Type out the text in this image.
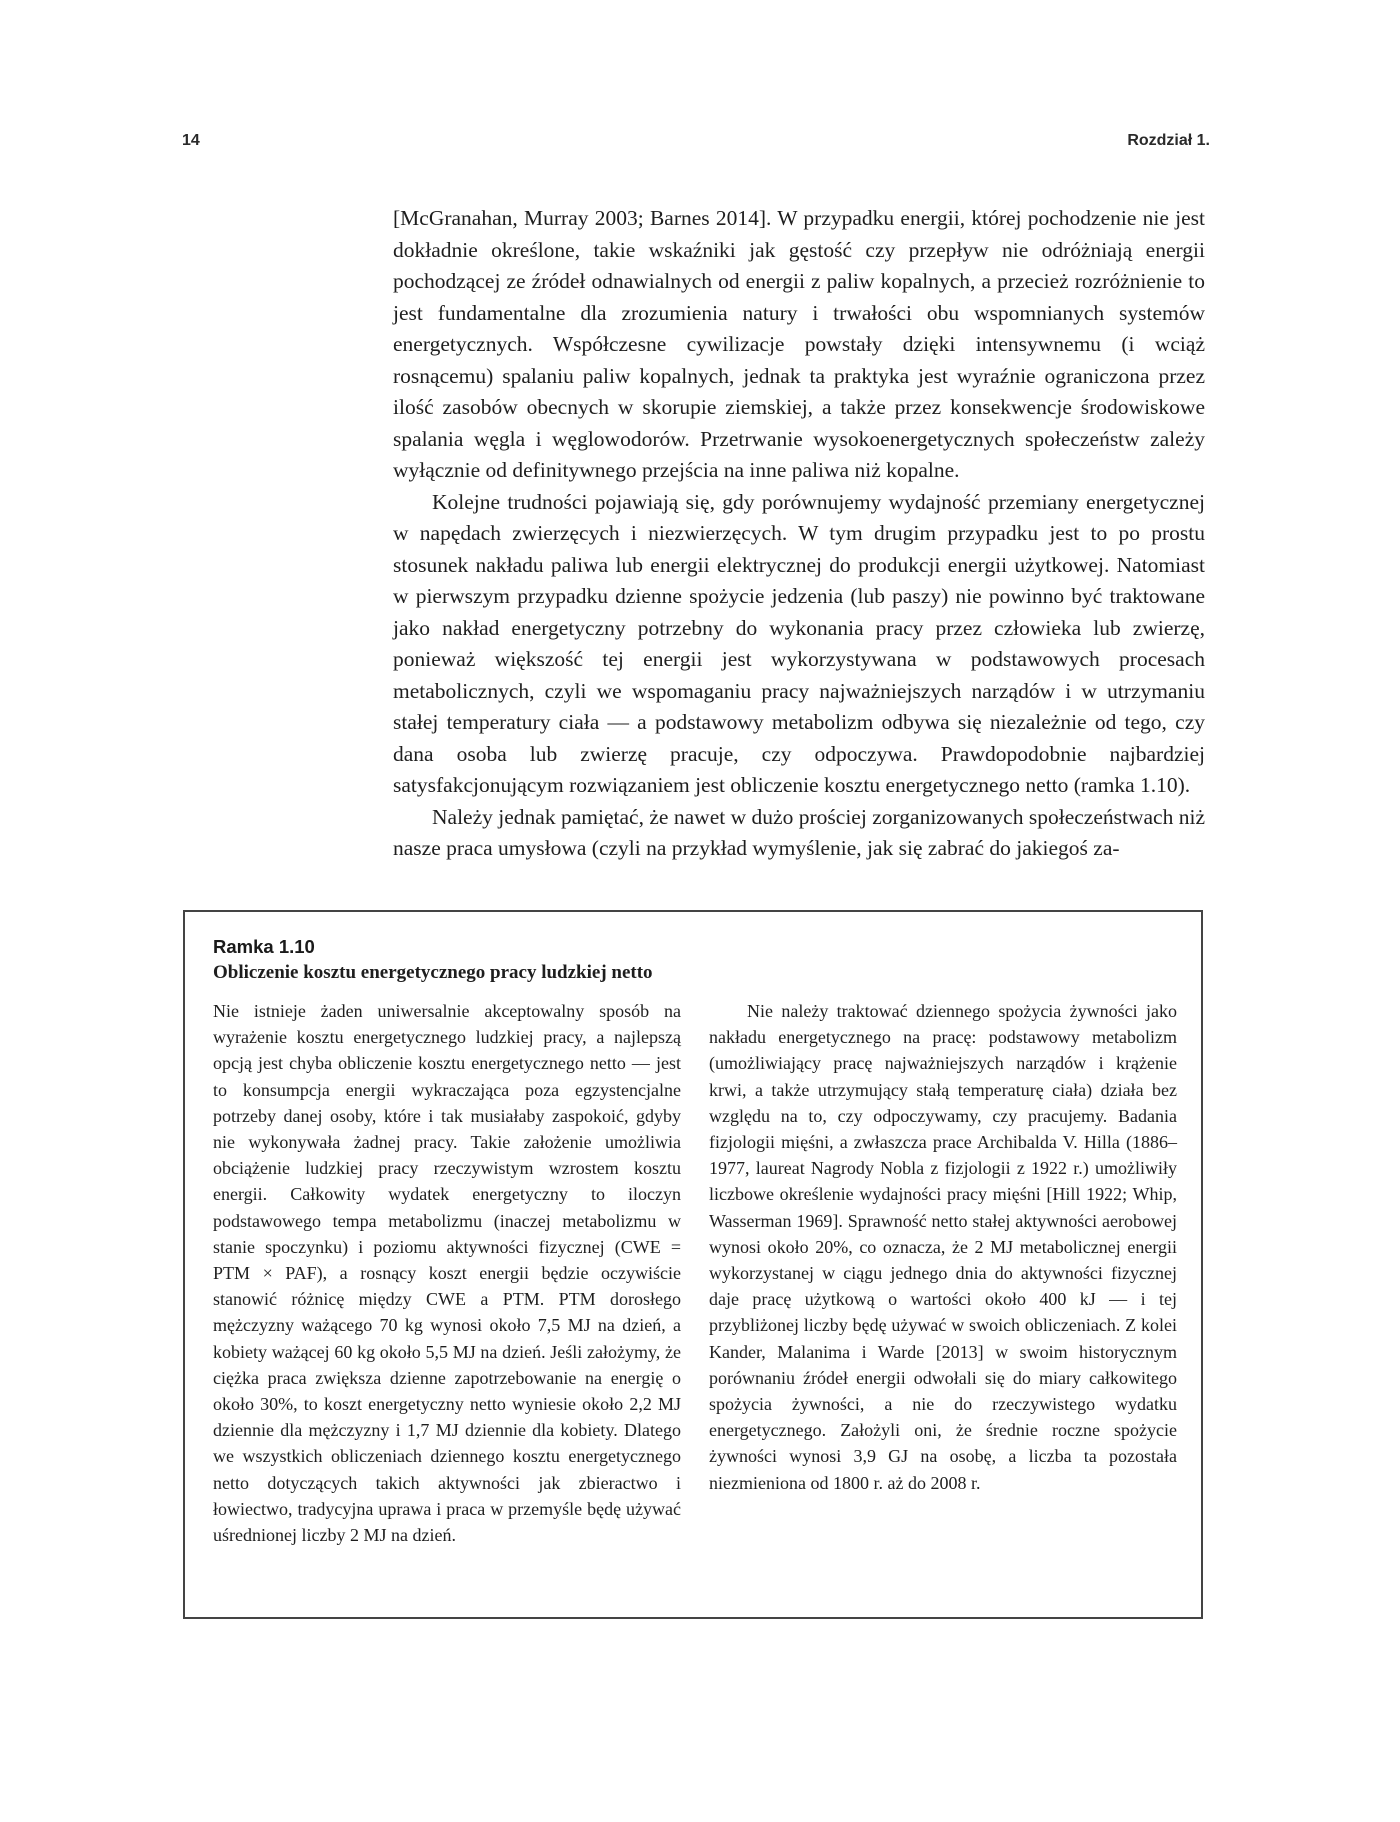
14	Rozdział 1.

[McGranahan, Murray 2003; Barnes 2014]. W przypadku energii, której pochodzenie nie jest dokładnie określone, takie wskaźniki jak gęstość czy przepływ nie odróżniają energii pochodzącej ze źródeł odnawialnych od energii z paliw kopalnych, a przecież rozróżnienie to jest fundamentalne dla zrozumienia natury i trwałości obu wspomnianych systemów energetycznych. Współczesne cywilizacje powstały dzięki intensywnemu (i wciąż rosnącemu) spalaniu paliw kopalnych, jednak ta praktyka jest wyraźnie ograniczona przez ilość zasobów obecnych w skorupie ziemskiej, a także przez konsekwencje środowiskowe spalania węgla i węglowodorów. Przetrwanie wysokoenergetycznych społeczeństw zależy wyłącznie od definitywnego przejścia na inne paliwa niż kopalne.

Kolejne trudności pojawiają się, gdy porównujemy wydajność przemiany energetycznej w napędach zwierzęcych i niezwierzęcych. W tym drugim przypadku jest to po prostu stosunek nakładu paliwa lub energii elektrycznej do produkcji energii użytkowej. Natomiast w pierwszym przypadku dzienne spożycie jedzenia (lub paszy) nie powinno być traktowane jako nakład energetyczny potrzebny do wykonania pracy przez człowieka lub zwierzę, ponieważ większość tej energii jest wykorzystywana w podstawowych procesach metabolicznych, czyli we wspomaganiu pracy najważniejszych narządów i w utrzymaniu stałej temperatury ciała — a podstawowy metabolizm odbywa się niezależnie od tego, czy dana osoba lub zwierzę pracuje, czy odpoczywa. Prawdopodobnie najbardziej satysfakcjonującym rozwiązaniem jest obliczenie kosztu energetycznego netto (ramka 1.10).

Należy jednak pamiętać, że nawet w dużo prościej zorganizowanych społeczeństwach niż nasze praca umysłowa (czyli na przykład wymyślenie, jak się zabrać do jakiegoś za-

Ramka 1.10
Obliczenie kosztu energetycznego pracy ludzkiej netto

Nie istnieje żaden uniwersalnie akceptowalny sposób na wyrażenie kosztu energetycznego ludzkiej pracy, a najlepszą opcją jest chyba obliczenie kosztu energetycznego netto — jest to konsumpcja energii wykraczająca poza egzystencjalne potrzeby danej osoby, które i tak musiałaby zaspokoić, gdyby nie wykonywała żadnej pracy. Takie założenie umożliwia obciążenie ludzkiej pracy rzeczywistym wzrostem kosztu energii. Całkowity wydatek energetyczny to iloczyn podstawowego tempa metabolizmu (inaczej metabolizmu w stanie spoczynku) i poziomu aktywności fizycznej (CWE = PTM × PAF), a rosnący koszt energii będzie oczywiście stanowić różnicę między CWE a PTM. PTM dorosłego mężczyzny ważącego 70 kg wynosi około 7,5 MJ na dzień, a kobiety ważącej 60 kg około 5,5 MJ na dzień. Jeśli założymy, że ciężka praca zwiększa dzienne zapotrzebowanie na energię o około 30%, to koszt energetyczny netto wyniesie około 2,2 MJ dziennie dla mężczyzny i 1,7 MJ dziennie dla kobiety. Dlatego we wszystkich obliczeniach dziennego kosztu energetycznego netto dotyczących takich aktywności jak zbieractwo i łowiectwo, tradycyjna uprawa i praca w przemyśle będę używać uśrednionej liczby 2 MJ na dzień.

Nie należy traktować dziennego spożycia żywności jako nakładu energetycznego na pracę: podstawowy metabolizm (umożliwiający pracę najważniejszych narządów i krążenie krwi, a także utrzymujący stałą temperaturę ciała) działa bez względu na to, czy odpoczywamy, czy pracujemy. Badania fizjologii mięśni, a zwłaszcza prace Archibalda V. Hilla (1886–1977, laureat Nagrody Nobla z fizjologii z 1922 r.) umożliwiły liczbowe określenie wydajności pracy mięśni [Hill 1922; Whip, Wasserman 1969]. Sprawność netto stałej aktywności aerobowej wynosi około 20%, co oznacza, że 2 MJ metabolicznej energii wykorzystanej w ciągu jednego dnia do aktywności fizycznej daje pracę użytkową o wartości około 400 kJ — i tej przybliżonej liczby będę używać w swoich obliczeniach. Z kolei Kander, Malanima i Warde [2013] w swoim historycznym porównaniu źródeł energii odwołali się do miary całkowitego spożycia żywności, a nie do rzeczywistego wydatku energetycznego. Założyli oni, że średnie roczne spożycie żywności wynosi 3,9 GJ na osobę, a liczba ta pozostała niezmieniona od 1800 r. aż do 2008 r.
